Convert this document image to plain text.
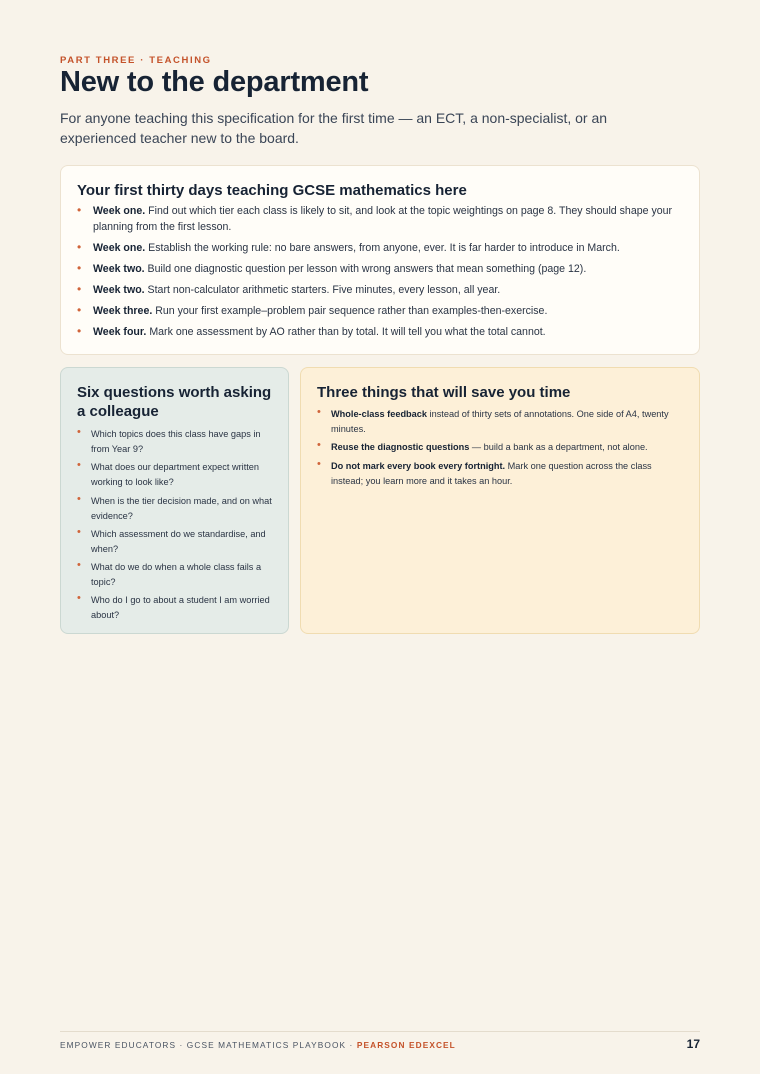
PART THREE · TEACHING
New to the department

For anyone teaching this specification for the first time — an ECT, a non-specialist, or an experienced teacher new to the board.

Your first thirty days teaching GCSE mathematics here
• Week one. Find out which tier each class is likely to sit, and look at the topic weightings on page 8. They should shape your planning from the first lesson.
• Week one. Establish the working rule: no bare answers, from anyone, ever. It is far harder to introduce in March.
• Week two. Build one diagnostic question per lesson with wrong answers that mean something (page 12).
• Week two. Start non-calculator arithmetic starters. Five minutes, every lesson, all year.
• Week three. Run your first example–problem pair sequence rather than examples-then-exercise.
• Week four. Mark one assessment by AO rather than by total. It will tell you what the total cannot.
Six questions worth asking a colleague
• Which topics does this class have gaps in from Year 9?
• What does our department expect written working to look like?
• When is the tier decision made, and on what evidence?
• Which assessment do we standardise, and when?
• What do we do when a whole class fails a topic?
• Who do I go to about a student I am worried about?
Three things that will save you time
• Whole-class feedback instead of thirty sets of annotations. One side of A4, twenty minutes.
• Reuse the diagnostic questions — build a bank as a department, not alone.
• Do not mark every book every fortnight. Mark one question across the class instead; you learn more and it takes an hour.
EMPOWER EDUCATORS · GCSE MATHEMATICS PLAYBOOK · PEARSON EDEXCEL	17
